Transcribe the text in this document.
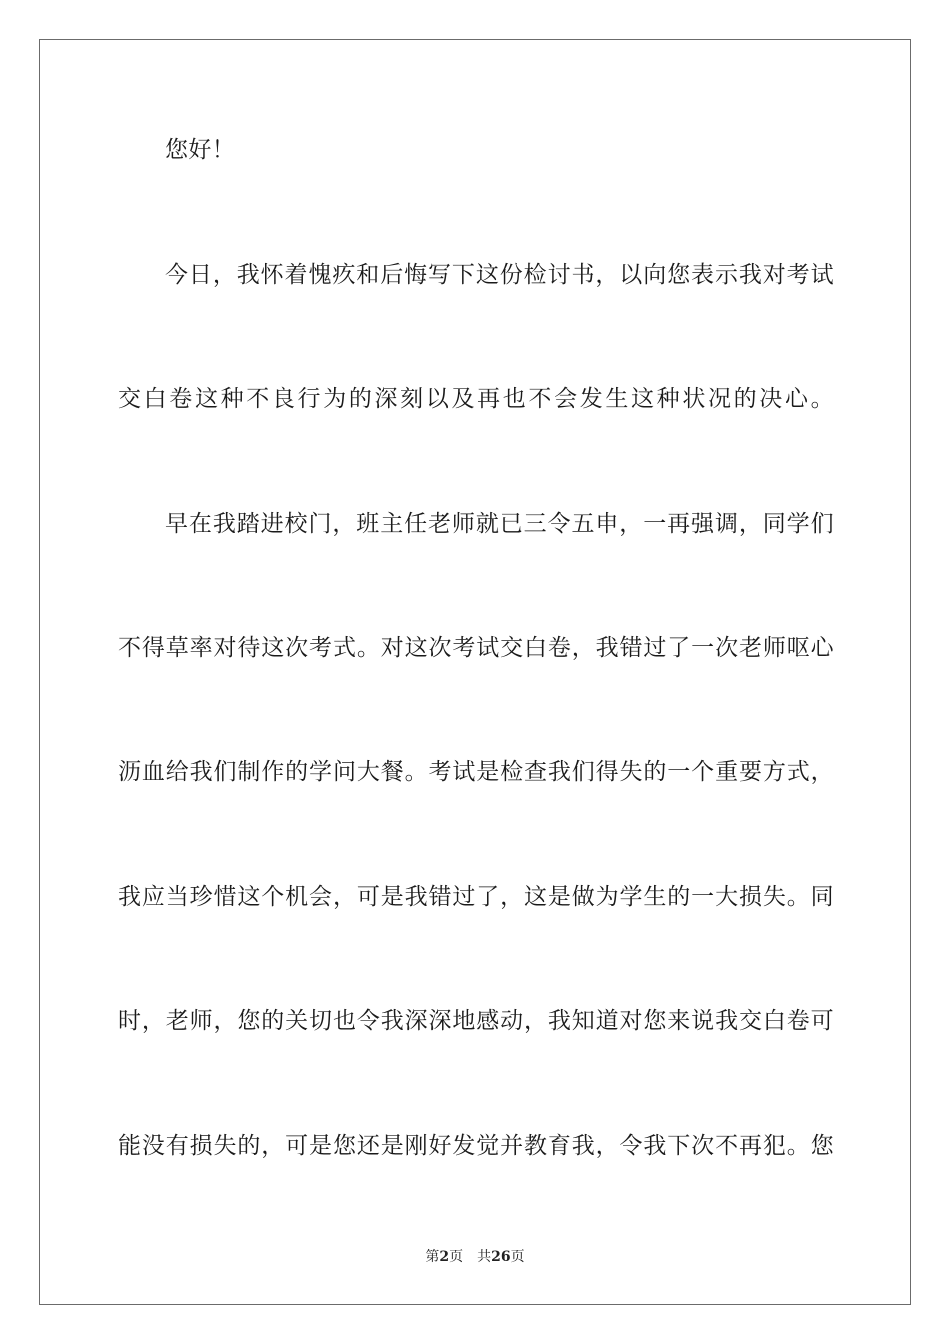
您好！
今日，我怀着愧疚和后悔写下这份检讨书，以向您表示我对考试
交白卷这种不良行为的深刻以及再也不会发生这种状况的决心。
早在我踏进校门，班主任老师就已三令五申，一再强调，同学们
不得草率对待这次考式。对这次考试交白卷，我错过了一次老师呕心
沥血给我们制作的学问大餐。考试是检查我们得失的一个重要方式，
我应当珍惜这个机会，可是我错过了，这是做为学生的一大损失。同
时，老师，您的关切也令我深深地感动，我知道对您来说我交白卷可
能没有损失的，可是您还是刚好发觉并教育我，令我下次不再犯。您
第2页 共26页
